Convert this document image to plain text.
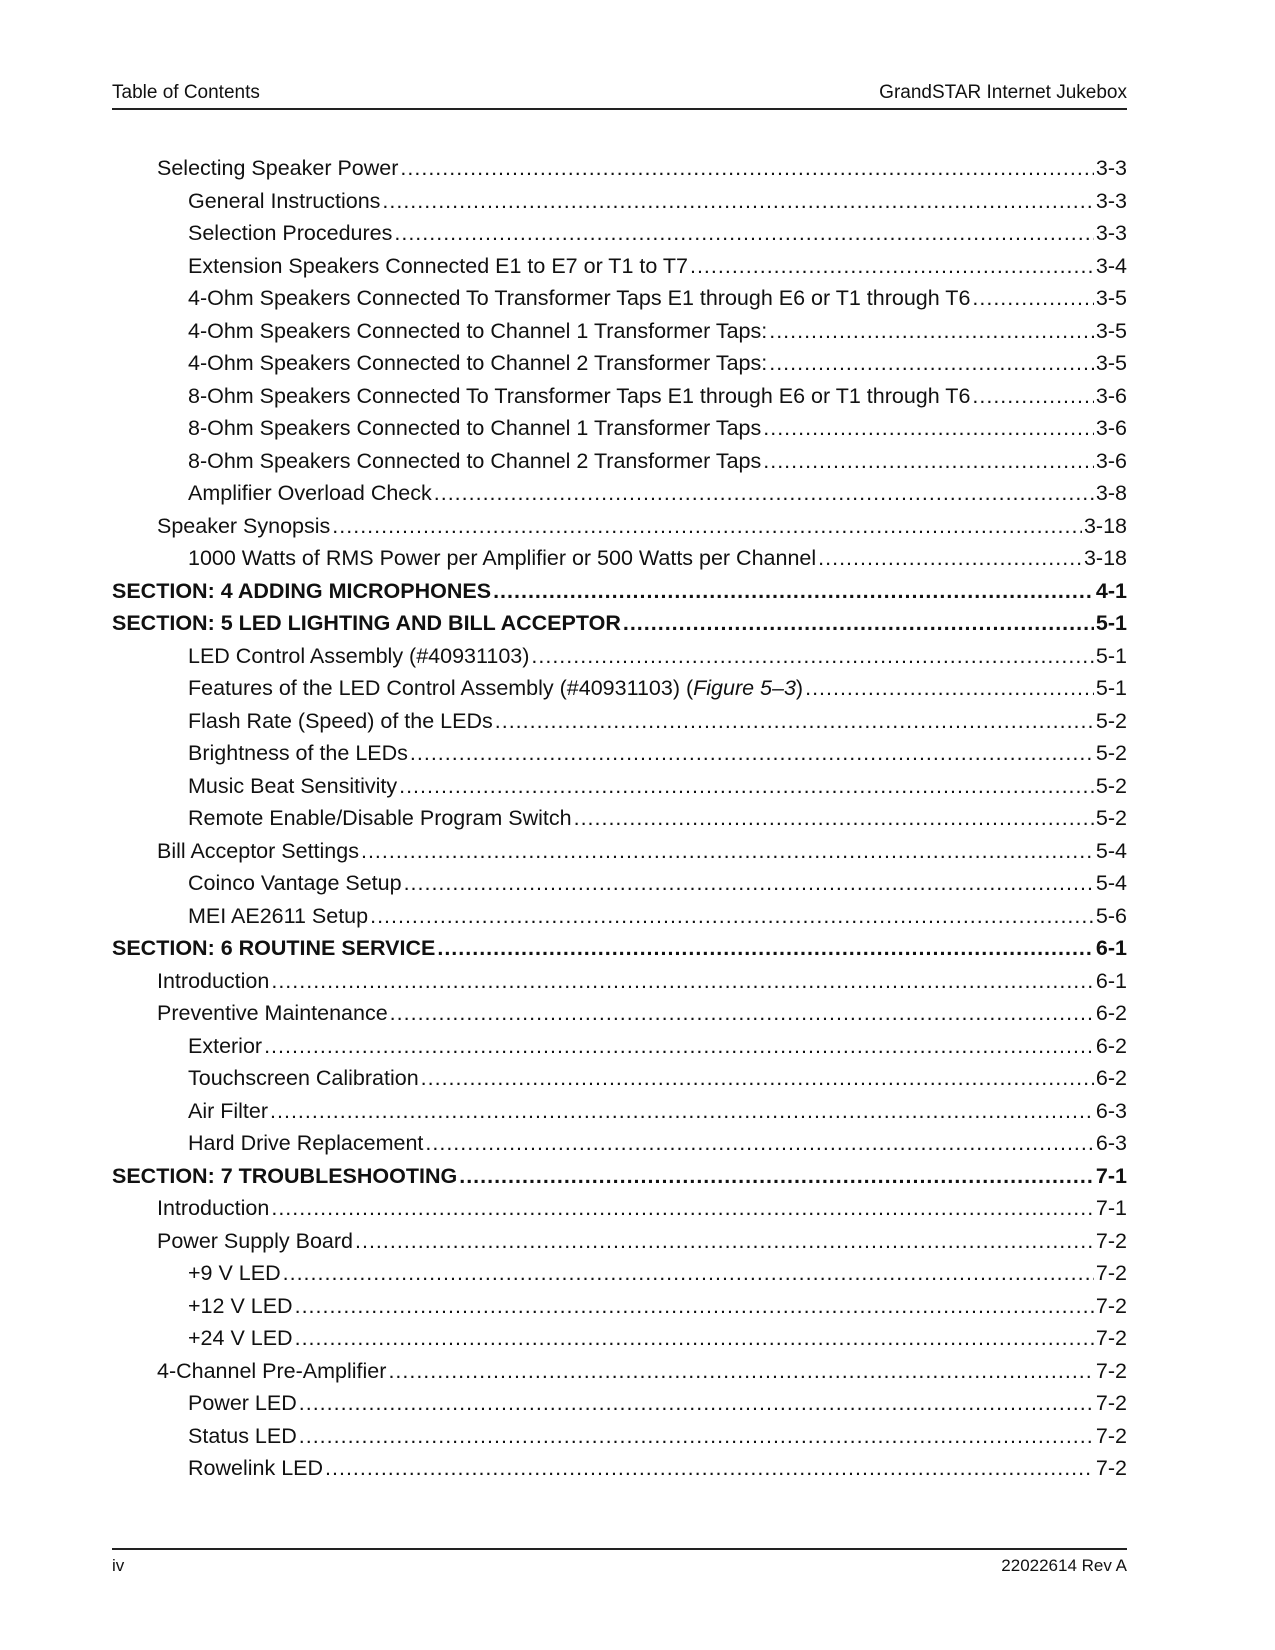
Table of Contents	GrandSTAR Internet Jukebox
Selecting Speaker Power .....	3-3
General Instructions .....	3-3
Selection Procedures .....	3-3
Extension Speakers Connected E1 to E7 or T1 to T7 .....	3-4
4-Ohm Speakers Connected To Transformer Taps E1 through E6 or T1 through T6 .....	3-5
4-Ohm Speakers Connected to Channel 1 Transformer Taps: .....	3-5
4-Ohm Speakers Connected to Channel 2 Transformer Taps: .....	3-5
8-Ohm Speakers Connected To Transformer Taps E1 through E6 or T1 through T6 .....	3-6
8-Ohm Speakers Connected to Channel 1 Transformer Taps .....	3-6
8-Ohm Speakers Connected to Channel 2 Transformer Taps .....	3-6
Amplifier Overload Check .....	3-8
Speaker Synopsis .....	3-18
1000 Watts of RMS Power per Amplifier or 500 Watts per Channel .....	3-18
SECTION: 4 ADDING MICROPHONES .....	4-1
SECTION: 5 LED LIGHTING AND BILL ACCEPTOR .....	5-1
LED Control Assembly (#40931103) .....	5-1
Features of the LED Control Assembly (#40931103) (Figure 5–3) .....	5-1
Flash Rate (Speed) of the LEDs .....	5-2
Brightness of the LEDs .....	5-2
Music Beat Sensitivity .....	5-2
Remote Enable/Disable Program Switch .....	5-2
Bill Acceptor Settings .....	5-4
Coinco Vantage Setup .....	5-4
MEI AE2611 Setup .....	5-6
SECTION: 6 ROUTINE SERVICE .....	6-1
Introduction .....	6-1
Preventive Maintenance .....	6-2
Exterior .....	6-2
Touchscreen Calibration .....	6-2
Air Filter .....	6-3
Hard Drive Replacement .....	6-3
SECTION: 7 TROUBLESHOOTING .....	7-1
Introduction .....	7-1
Power Supply Board .....	7-2
+9 V LED .....	7-2
+12 V LED .....	7-2
+24 V LED .....	7-2
4-Channel Pre-Amplifier .....	7-2
Power LED .....	7-2
Status LED .....	7-2
Rowelink LED .....	7-2
iv	22022614 Rev A
